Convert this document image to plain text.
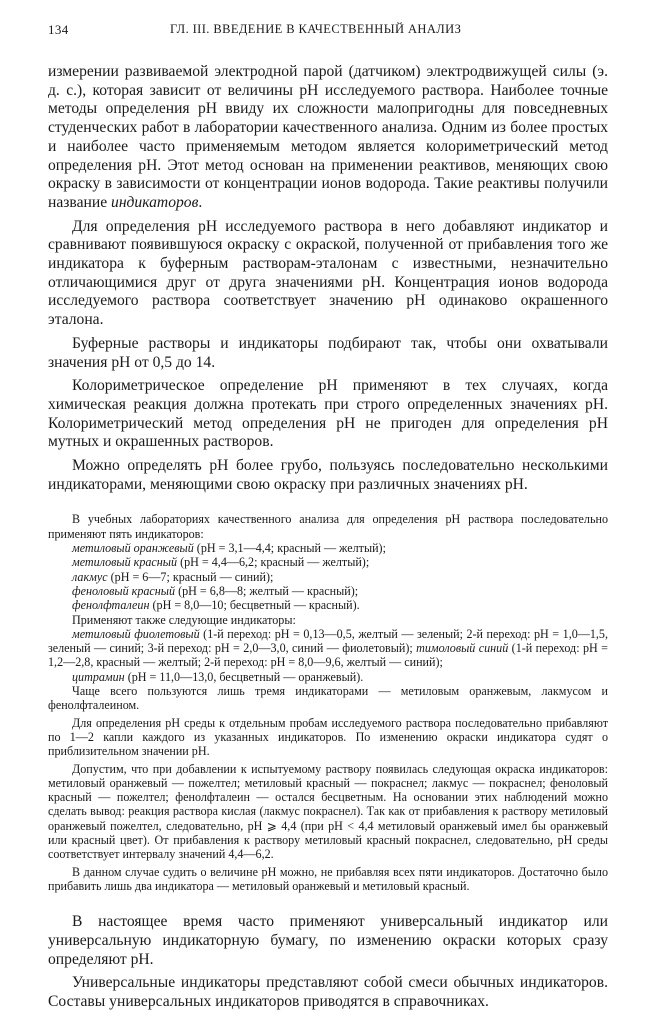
134	ГЛ. III. ВВЕДЕНИЕ В КАЧЕСТВЕННЫЙ АНАЛИЗ

измерении развиваемой электродной парой (датчиком) электродвижущей силы (э. д. с.), которая зависит от величины pH исследуемого раствора. Наиболее точные методы определения pH ввиду их сложности малопригодны для повседневных студенческих работ в лаборатории качественного анализа. Одним из более простых и наиболее часто применяемым методом является колориметрический метод определения pH. Этот метод основан на применении реактивов, меняющих свою окраску в зависимости от концентрации ионов водорода. Такие реактивы получили название индикаторов.

Для определения pH исследуемого раствора в него добавляют индикатор и сравнивают появившуюся окраску с окраской, полученной от прибавления того же индикатора к буферным растворам-эталонам с известными, незначительно отличающимися друг от друга значениями pH. Концентрация ионов водорода исследуемого раствора соответствует значению pH одинаково окрашенного эталона.

Буферные растворы и индикаторы подбирают так, чтобы они охватывали значения pH от 0,5 до 14.

Колориметрическое определение pH применяют в тех случаях, когда химическая реакция должна протекать при строго определенных значениях pH. Колориметрический метод определения pH не пригоден для определения pH мутных и окрашенных растворов.

Можно определять pH более грубо, пользуясь последовательно несколькими индикаторами, меняющими свою окраску при различных значениях pH.

В учебных лабораториях качественного анализа для определения pH раствора последовательно применяют пять индикаторов:

метиловый оранжевый (pH = 3,1—4,4; красный — желтый);
метиловый красный (pH = 4,4—6,2; красный — желтый);
лакмус (pH = 6—7; красный — синий);
феноловый красный (pH = 6,8—8; желтый — красный);
фенолфталеин (pH = 8,0—10; бесцветный — красный).
Применяют также следующие индикаторы:

метиловый фиолетовый (1-й переход: pH = 0,13—0,5, желтый — зеленый; 2-й переход: pH = 1,0—1,5, зеленый — синий; 3-й переход: pH = 2,0—3,0, синий — фиолетовый); тимоловый синий (1-й переход: pH = 1,2—2,8, красный — желтый; 2-й переход: pH = 8,0—9,6, желтый — синий);

цитрамин (pH = 11,0—13,0, бесцветный — оранжевый).

Чаще всего пользуются лишь тремя индикаторами — метиловым оранжевым, лакмусом и фенолфталеином.

Для определения pH среды к отдельным пробам исследуемого раствора последовательно прибавляют по 1—2 капли каждого из указанных индикаторов. По изменению окраски индикатора судят о приблизительном значении pH.

Допустим, что при добавлении к испытуемому раствору появилась следующая окраска индикаторов: метиловый оранжевый — пожелтел; метиловый красный — покраснел; лакмус — покраснел; феноловый красный — пожелтел; фенолфталеин — остался бесцветным. На основании этих наблюдений можно сделать вывод: реакция раствора кислая (лакмус покраснел). Так как от прибавления к раствору метиловый оранжевый пожелтел, следовательно, pH ⩾ 4,4 (при pH < 4,4 метиловый оранжевый имел бы оранжевый или красный цвет). От прибавления к раствору метиловый красный покраснел, следовательно, pH среды соответствует интервалу значений 4,4—6,2.

В данном случае судить о величине pH можно, не прибавляя всех пяти индикаторов. Достаточно было прибавить лишь два индикатора — метиловый оранжевый и метиловый красный.

В настоящее время часто применяют универсальный индикатор или универсальную индикаторную бумагу, по изменению окраски которых сразу определяют pH.

Универсальные индикаторы представляют собой смеси обычных индикаторов. Составы универсальных индикаторов приводятся в справочниках.
